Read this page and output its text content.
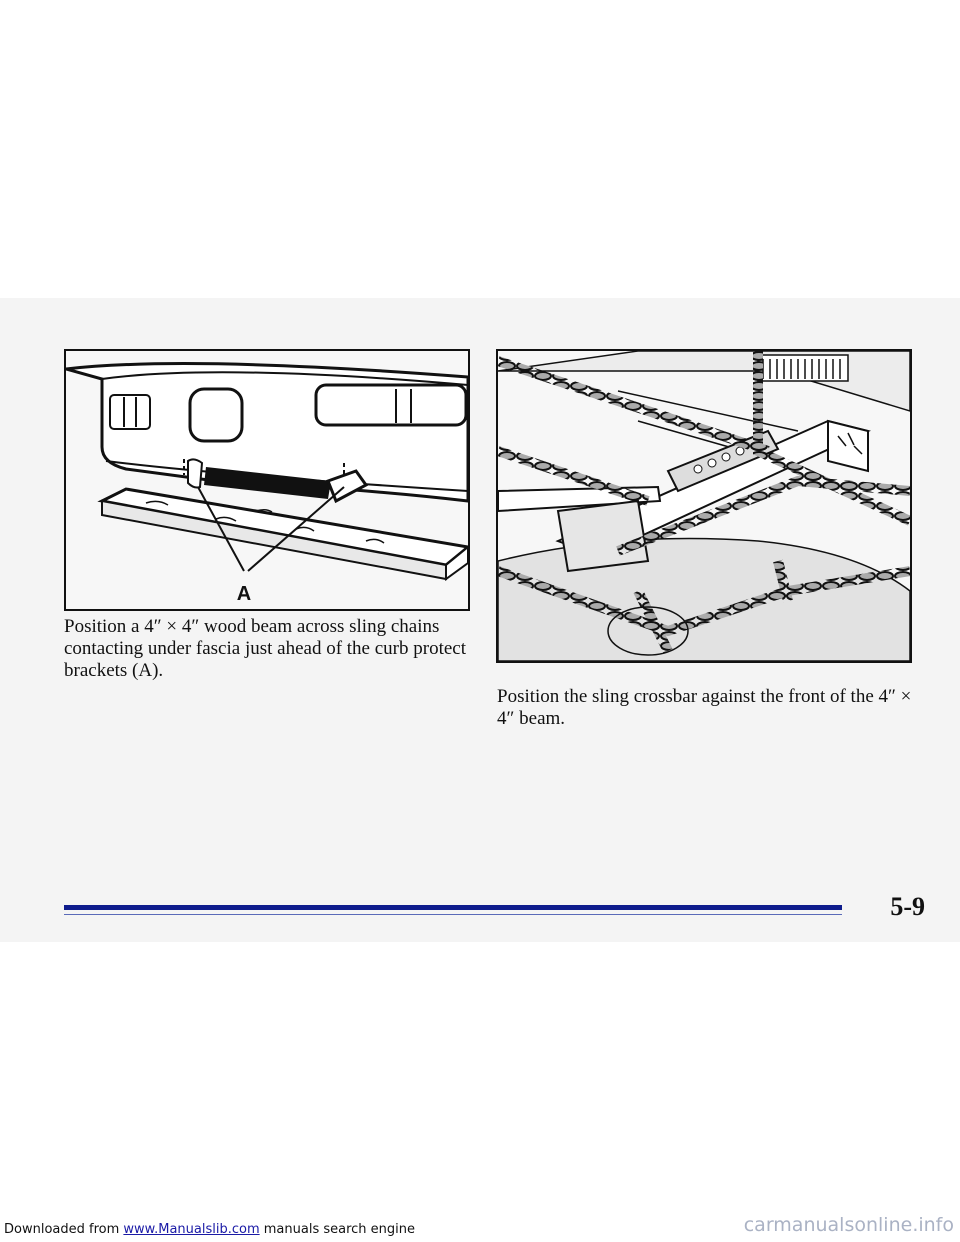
A

Position a 4″ × 4″ wood beam across sling chains contacting under fascia just ahead of the curb protect brackets (A).

Position the sling crossbar against the front of the 4″ × 4″ beam.

5-9
Downloaded from www.Manualslib.com manuals search engine	carmanualsonline.info
